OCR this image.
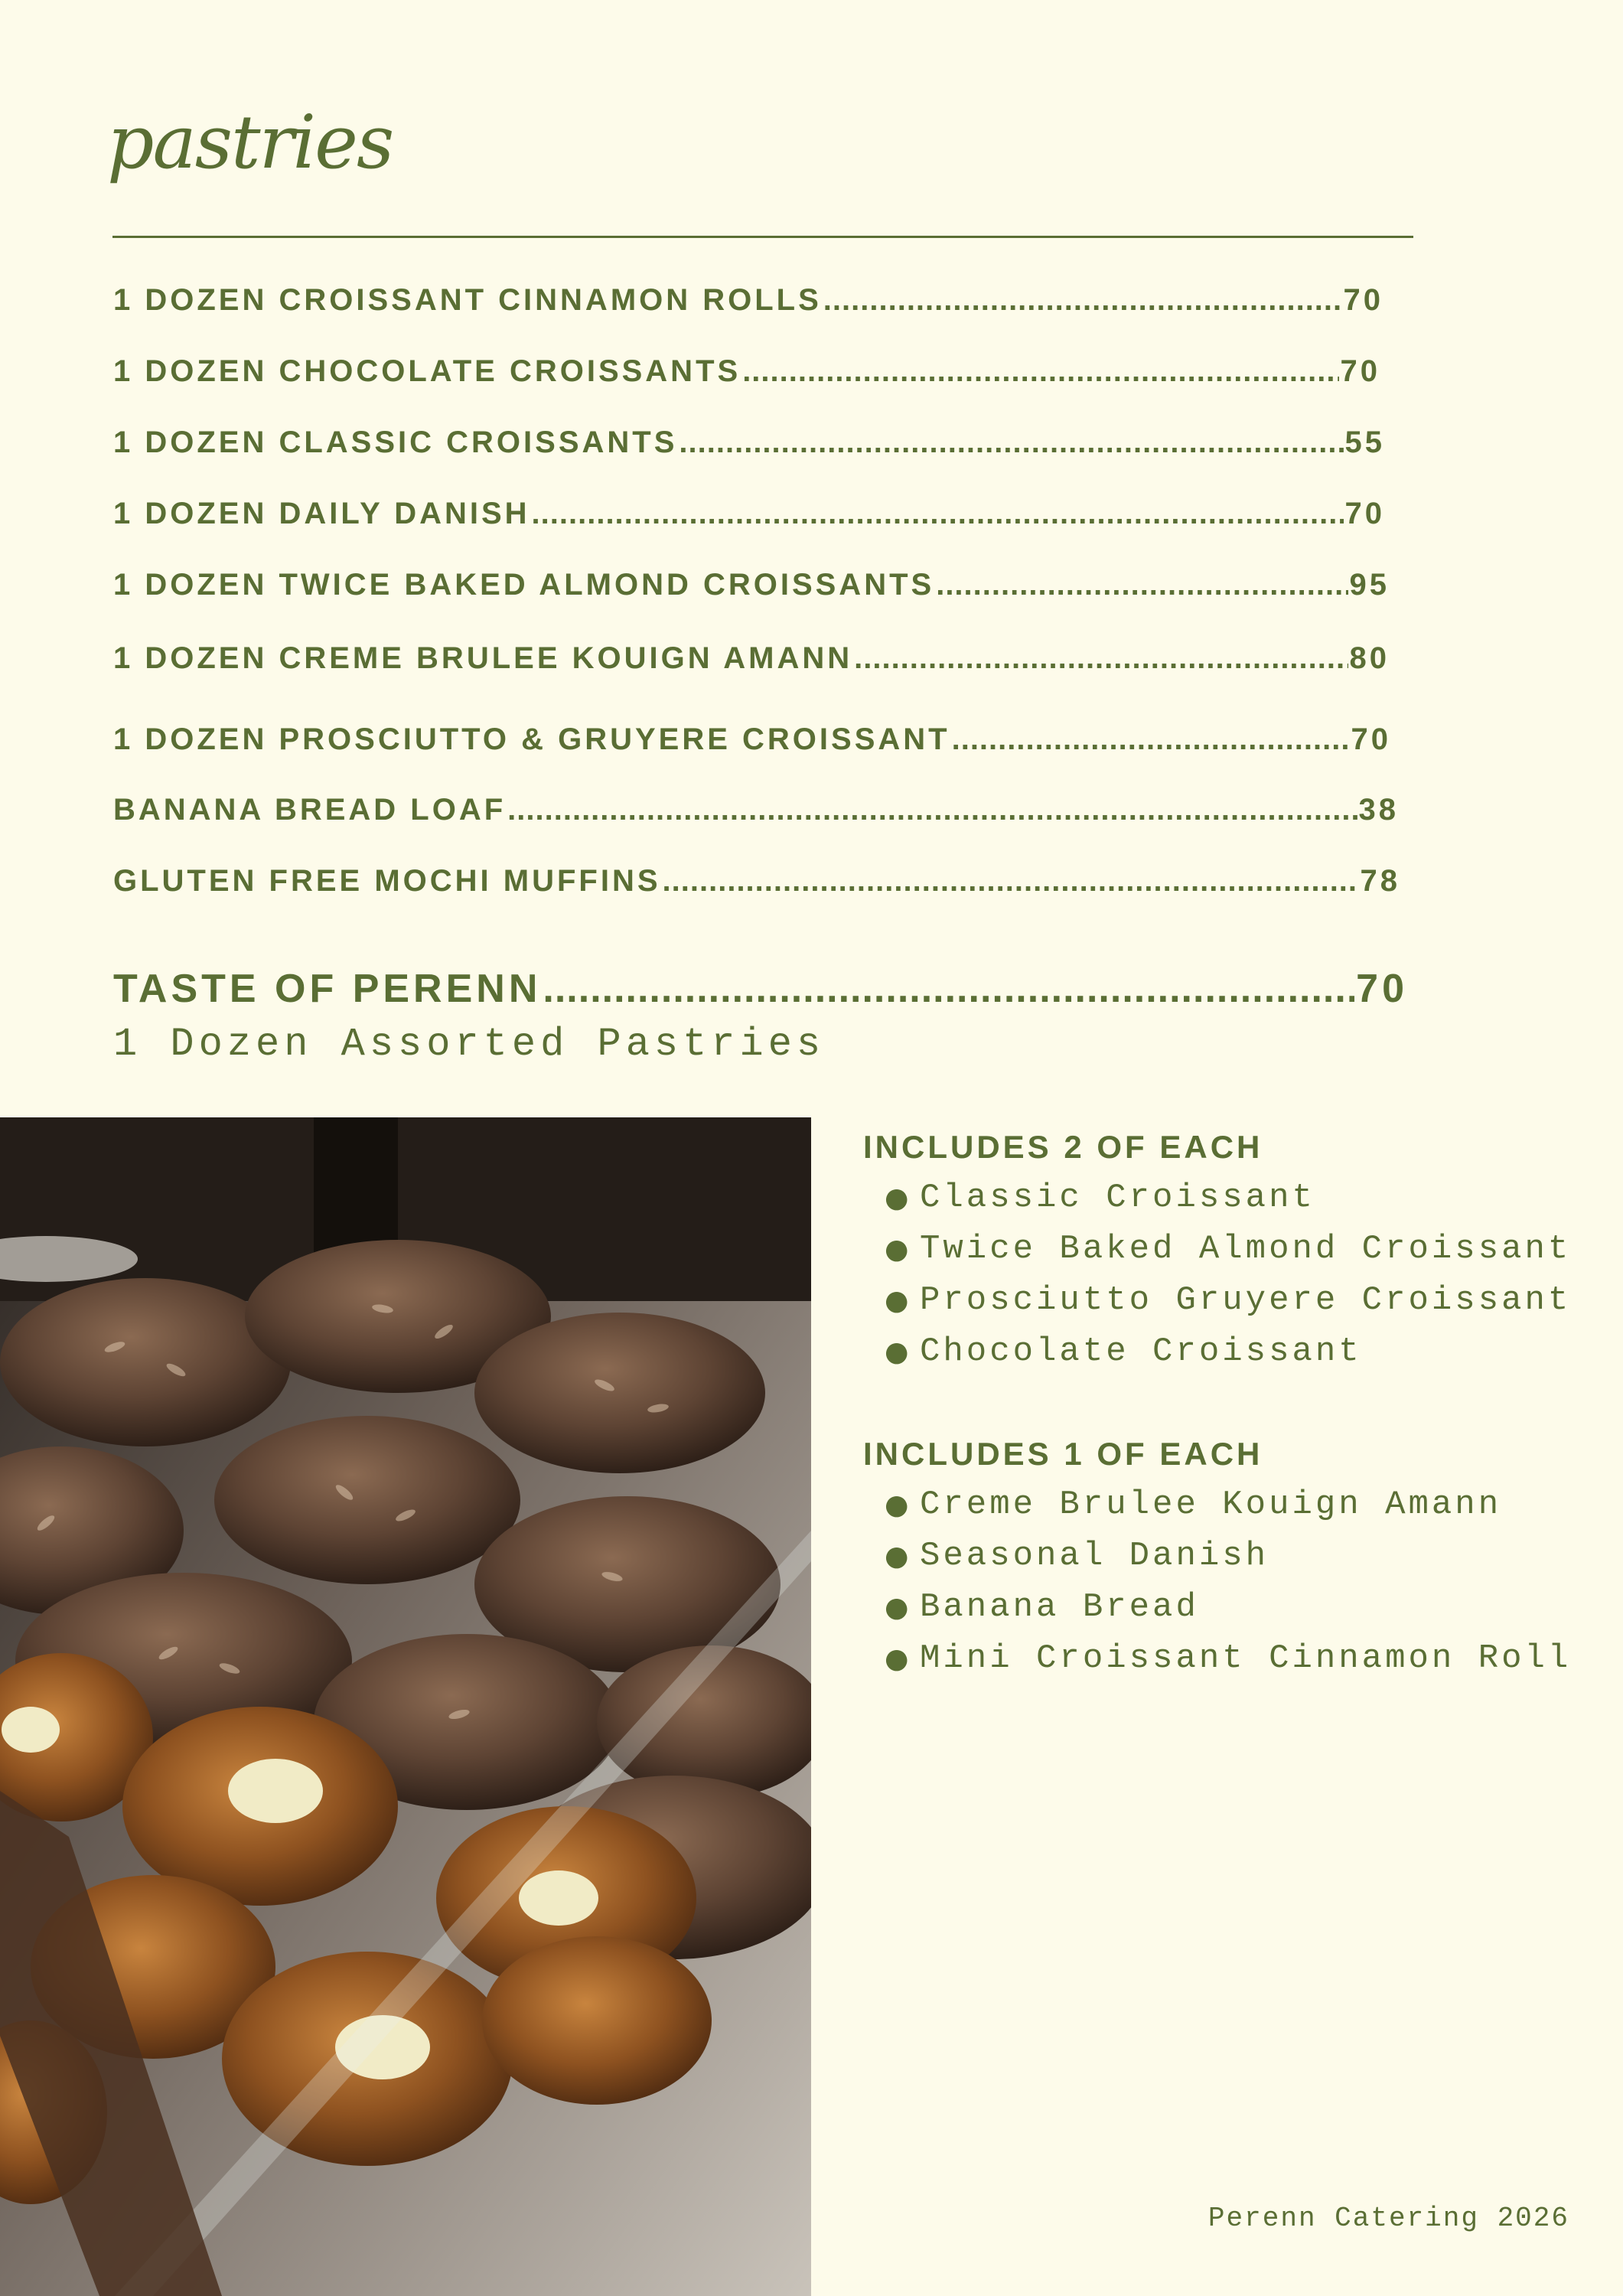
pastries
1 DOZEN CROISSANT CINNAMON ROLLS .....	70
1 DOZEN CHOCOLATE CROISSANTS .....	70
1 DOZEN CLASSIC CROISSANTS .....	55
1 DOZEN DAILY DANISH .....	70
1 DOZEN TWICE BAKED ALMOND CROISSANTS .....	95
1 DOZEN CREME BRULEE KOUIGN AMANN .....	80
1 DOZEN PROSCIUTTO & GRUYERE CROISSANT .....	70
BANANA BREAD LOAF .....	38
GLUTEN FREE MOCHI MUFFINS .....	78
TASTE OF PERENN .....	70

1 Dozen Assorted Pastries

INCLUDES 2 OF EACH
● Classic Croissant
● Twice Baked Almond Croissant
● Prosciutto Gruyere Croissant
● Chocolate Croissant
INCLUDES 1 OF EACH
● Creme Brulee Kouign Amann
● Seasonal Danish
● Banana Bread
● Mini Croissant Cinnamon Roll

Perenn Catering 2026
